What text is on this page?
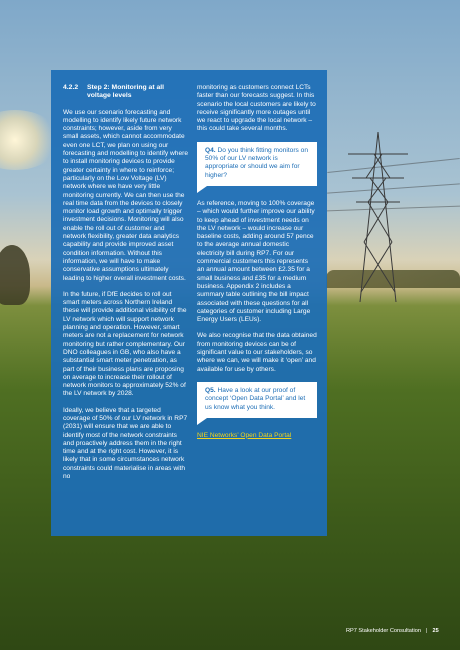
4.2.2	Step 2: Monitoring at all voltage levels

We use our scenario forecasting and modelling to identify likely future network constraints; however, aside from very small assets, which cannot accommodate even one LCT, we plan on using our forecasting and modelling to identify where to install monitoring devices to provide greater certainty in where to reinforce; particularly on the Low Voltage (LV) network where we have very little monitoring currently. We can then use the real time data from the devices to closely monitor load growth and optimally trigger investment decisions. Monitoring will also enable the roll out of customer and network flexibility, greater data analytics capability and provide improved asset condition information. Without this information, we will have to make conservative assumptions ultimately leading to higher overall investment costs.

In the future, if DfE decides to roll out smart meters across Northern Ireland these will provide additional visibility of the LV network which will support network planning and operation. However, smart meters are not a replacement for network monitoring but rather complementary. Our DNO colleagues in GB, who also have a substantial smart meter penetration, as part of their business plans are proposing on average to increase their rollout of network monitors to approximately 52% of the LV network by 2028.

Ideally, we believe that a targeted coverage of 50% of our LV network in RP7 (2031) will ensure that we are able to identify most of the network constraints and proactively address them in the right time and at the right cost. However, it is likely that in some circumstances network constraints could materialise in areas with no

monitoring as customers connect LCTs faster than our forecasts suggest. In this scenario the local customers are likely to receive significantly more outages until we react to upgrade the local network – this could take several months.

Q4. Do you think fitting monitors on 50% of our LV network is appropriate or should we aim for higher?

As reference, moving to 100% coverage – which would further improve our ability to keep ahead of investment needs on the LV network – would increase our baseline costs, adding around 57 pence to the average annual domestic electricity bill during RP7. For our commercial customers this represents an annual amount between £2.35 for a small business and £35 for a medium business. Appendix 2 includes a summary table outlining the bill impact associated with these questions for all categories of customer including Large Energy Users (LEUs).

We also recognise that the data obtained from monitoring devices can be of significant value to our stakeholders, so where we can, we will make it ‘open’ and available for use by others.

Q5. Have a look at our proof of concept ‘Open Data Portal’ and let us know what you think.
NIE Networks’ Open Data Portal
RP7 Stakeholder Consultation | 25
